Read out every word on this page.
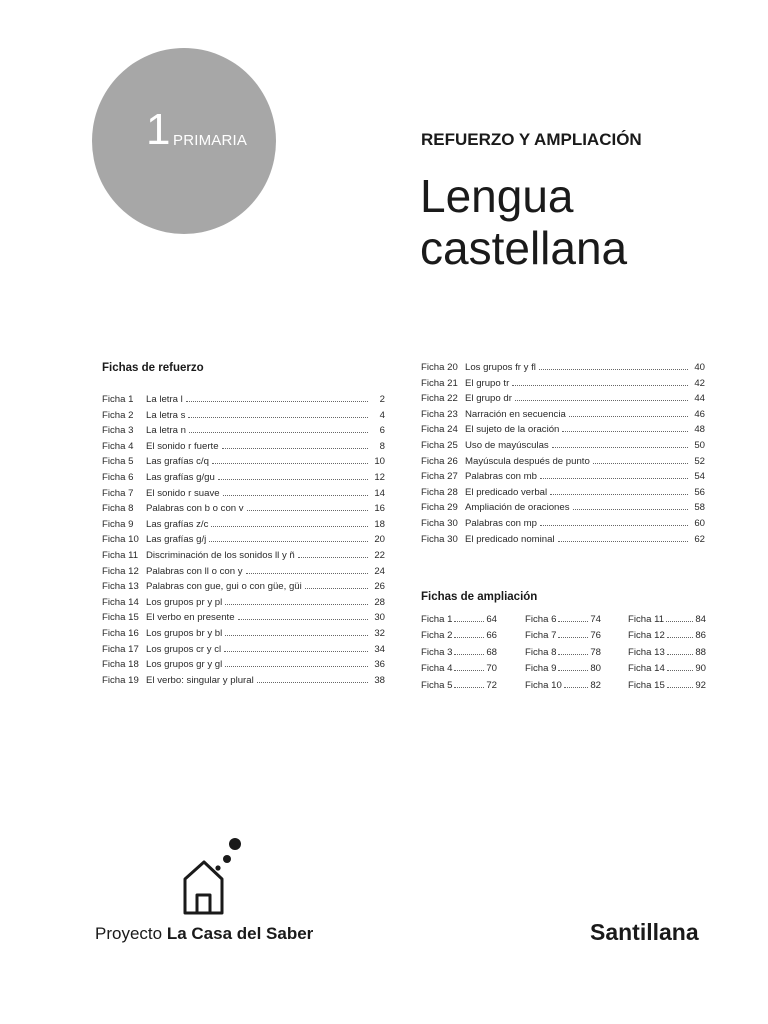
1 PRIMARIA	REFUERZO Y AMPLIACIÓN
Lengua
castellana
Fichas de refuerzo
Ficha 1	La letra l	2
Ficha 2	La letra s	4
Ficha 3	La letra n	6
Ficha 4	El sonido r fuerte	8
Ficha 5	Las grafías c/q	10
Ficha 6	Las grafías g/gu	12
Ficha 7	El sonido r suave	14
Ficha 8	Palabras con b o con v	16
Ficha 9	Las grafías z/c	18
Ficha 10 Las grafías g/j	20
Ficha 11 Discriminación de los sonidos ll y ñ	22
Ficha 12 Palabras con ll o con y	24
Ficha 13 Palabras con gue, gui o con güe, güi	26
Ficha 14 Los grupos pr y pl	28
Ficha 15 El verbo en presente	30
Ficha 16 Los grupos br y bl	32
Ficha 17 Los grupos cr y cl	34
Ficha 18 Los grupos gr y gl	36
Ficha 19 El verbo: singular y plural	38
Ficha 20 Los grupos fr y fl	40
Ficha 21 El grupo tr	42
Ficha 22 El grupo dr	44
Ficha 23 Narración en secuencia	46
Ficha 24 El sujeto de la oración	48
Ficha 25 Uso de mayúsculas	50
Ficha 26 Mayúscula después de punto	52
Ficha 27 Palabras con mb	54
Ficha 28 El predicado verbal	56
Ficha 29 Ampliación de oraciones	58
Ficha 30 Palabras con mp	60
Ficha 30 El predicado nominal	62
Fichas de ampliación
Ficha 1	64
Ficha 2	66
Ficha 3	68
Ficha 4	70
Ficha 5	72
Ficha 6	74
Ficha 7	76
Ficha 8	78
Ficha 9	80
Ficha 10	82
Ficha 11	84
Ficha 12	86
Ficha 13	88
Ficha 14	90
Ficha 15	92
Proyecto La Casa del Saber	Santillana
